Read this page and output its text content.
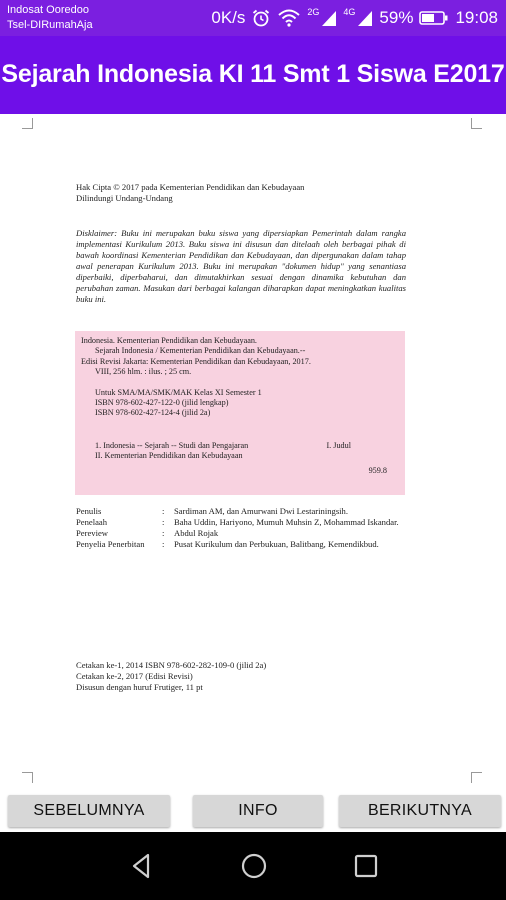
Indosat Ooredoo
Tsel-DIRumahAja	0K/s	2G	4G 59% 19:08
Sejarah Indonesia KI 11 Smt 1 Siswa E2017
Hak Cipta © 2017 pada Kementerian Pendidikan dan Kebudayaan
Dilindungi Undang-Undang
Disklaimer: Buku ini merupakan buku siswa yang dipersiapkan Pemerintah dalam rangka implementasi Kurikulum 2013. Buku siswa ini disusun dan ditelaah oleh berbagai pihak di bawah koordinasi Kementerian Pendidikan dan Kebudayaan, dan dipergunakan dalam tahap awal penerapan Kurikulum 2013. Buku ini merupakan "dokumen hidup" yang senantiasa diperbaiki, diperbaharui, dan dimutakhirkan sesuai dengan dinamika kebutuhan dan perubahan zaman. Masukan dari berbagai kalangan diharapkan dapat meningkatkan kualitas buku ini.
Indonesia. Kementerian Pendidikan dan Kebudayaan.
Sejarah Indonesia / Kementerian Pendidikan dan Kebudayaan.--
Edisi Revisi Jakarta: Kementerian Pendidikan dan Kebudayaan, 2017.
VIII, 256 hlm. : ilus. ; 25 cm.
Untuk SMA/MA/SMK/MAK Kelas XI Semester 1
ISBN 978-602-427-122-0 (jilid lengkap)
ISBN 978-602-427-124-4 (jilid 2a)
1. Indonesia -- Sejarah -- Studi dan Pengajaran	I. Judul
II. Kementerian Pendidikan dan Kebudayaan
959.8
Penulis	:	Sardiman AM, dan Amurwani Dwi Lestariningsih.
Penelaah	:	Baha Uddin, Hariyono, Mumuh Muhsin Z, Mohammad Iskandar.
Pereview	:	Abdul Rojak
Penyelia Penerbitan	:	Pusat Kurikulum dan Perbukuan, Balitbang, Kemendikbud.
Cetakan ke-1, 2014 ISBN 978-602-282-109-0 (jilid 2a)
Cetakan ke-2, 2017 (Edisi Revisi)
Disusun dengan huruf Frutiger, 11 pt
SEBELUMNYA	INFO	BERIKUTNYA
